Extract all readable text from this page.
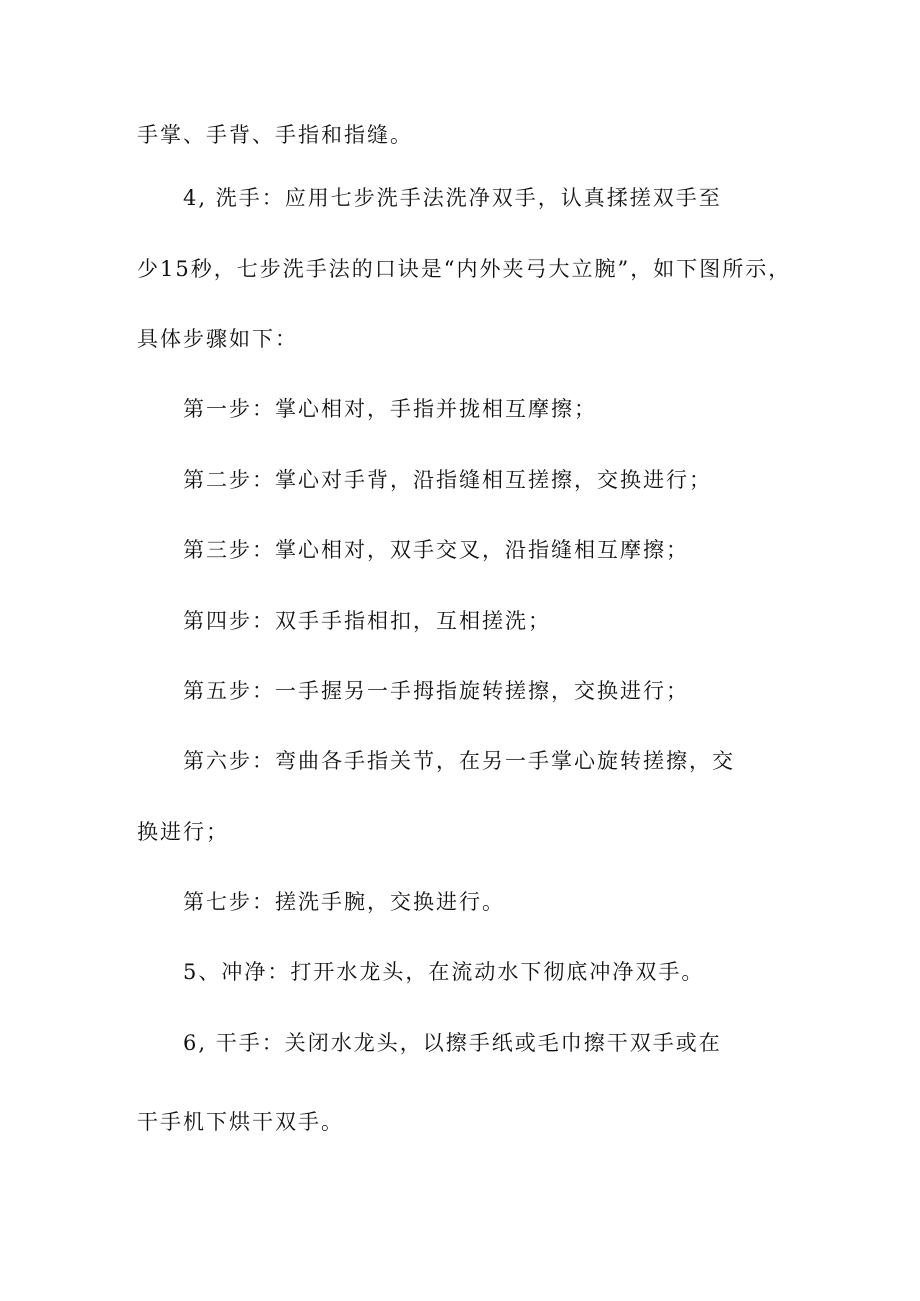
手掌、手背、手指和指缝。

4, 洗手：应用七步洗手法洗净双手，认真揉搓双手至

少15秒，七步洗手法的口诀是“内外夹弓大立腕”，如下图所示，

具体步骤如下：

第一步：掌心相对，手指并拢相互摩擦；

第二步：掌心对手背，沿指缝相互搓擦，交换进行；

第三步：掌心相对，双手交叉，沿指缝相互摩擦；

第四步：双手手指相扣，互相搓洗；

第五步：一手握另一手拇指旋转搓擦，交换进行；

第六步：弯曲各手指关节，在另一手掌心旋转搓擦，交

换进行；

第七步：搓洗手腕，交换进行。

5、冲净：打开水龙头，在流动水下彻底冲净双手。

6, 干手：关闭水龙头，以擦手纸或毛巾擦干双手或在

干手机下烘干双手。
